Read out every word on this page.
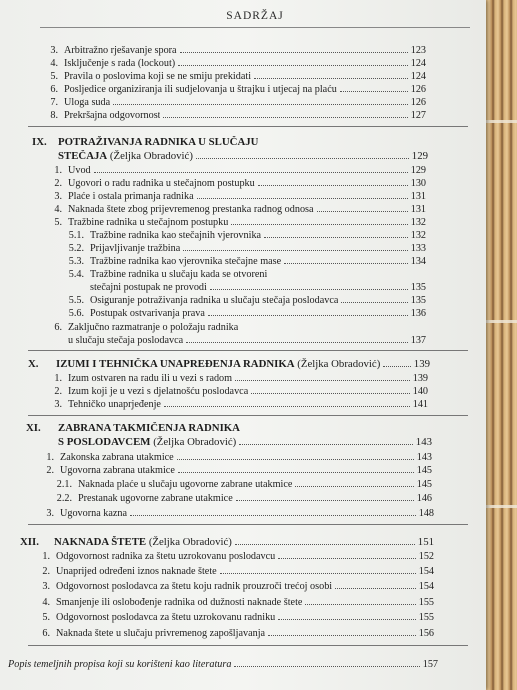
SADRŽAJ
3. Arbitražno rješavanje spora	123
4. Isključenje s rada (lockout)	124
5. Pravila o poslovima koji se ne smiju prekidati	124
6. Posljedice organiziranja ili sudjelovanja u štrajku i utjecaj na plaću	126
7. Uloga suda	126
8. Prekršajna odgovornost	127
IX.	POTRAŽIVANJA RADNIKA U SLUČAJU
STEČAJA
(Željka Obradović)	129
1. Uvod	129
2. Ugovori o radu radnika u stečajnom postupku	130
3. Plaće i ostala primanja radnika	131
4. Naknada štete zbog prijevremenog prestanka radnog odnosa	131
5. Tražbine radnika u stečajnom postupku	132
5.1. Tražbine radnika kao stečajnih vjerovnika	132
5.2. Prijavljivanje tražbina	133
5.3. Tražbine radnika kao vjerovnika stečajne mase	134
5.4. Tražbine radnika u slučaju kada se otvoreni
stečajni postupak ne provodi	135
5.5. Osiguranje potraživanja radnika u slučaju stečaja poslodavca	135
5.6. Postupak ostvarivanja prava	136
6. Zaključno razmatranje o položaju radnika
u slučaju stečaja poslodavca	137
X.	IZUMI I TEHNIČKA UNAPREĐENJA RADNIKA
(Željka Obradović)	139
1. Izum ostvaren na radu ili u vezi s radom	139
2. Izum koji je u vezi s djelatnošću poslodavca	140
3. Tehničko unaprjeđenje	141
XI.	ZABRANA TAKMIČENJA RADNIKA
S POSLODAVCEM
(Željka Obradović)	143
1. Zakonska zabrana utakmice	143
2. Ugovorna zabrana utakmice	145
2.1. Naknada plaće u slučaju ugovorne zabrane utakmice	145
2.2. Prestanak ugovorne zabrane utakmice	146
3. Ugovorna kazna	148
XII.	NAKNADA ŠTETE
(Željka Obradović)	151
1. Odgovornost radnika za štetu uzrokovanu poslodavcu	152
2. Unaprijed određeni iznos naknade štete	154
3. Odgovornost poslodavca za štetu koju radnik prouzroči trećoj osobi	154
4. Smanjenje ili oslobođenje radnika od dužnosti naknade štete	155
5. Odgovornost poslodavca za štetu uzrokovanu radniku	155
6. Naknada štete u slučaju privremenog zapošljavanja	156
Popis temeljnih propisa koji su korišteni kao literatura	157
